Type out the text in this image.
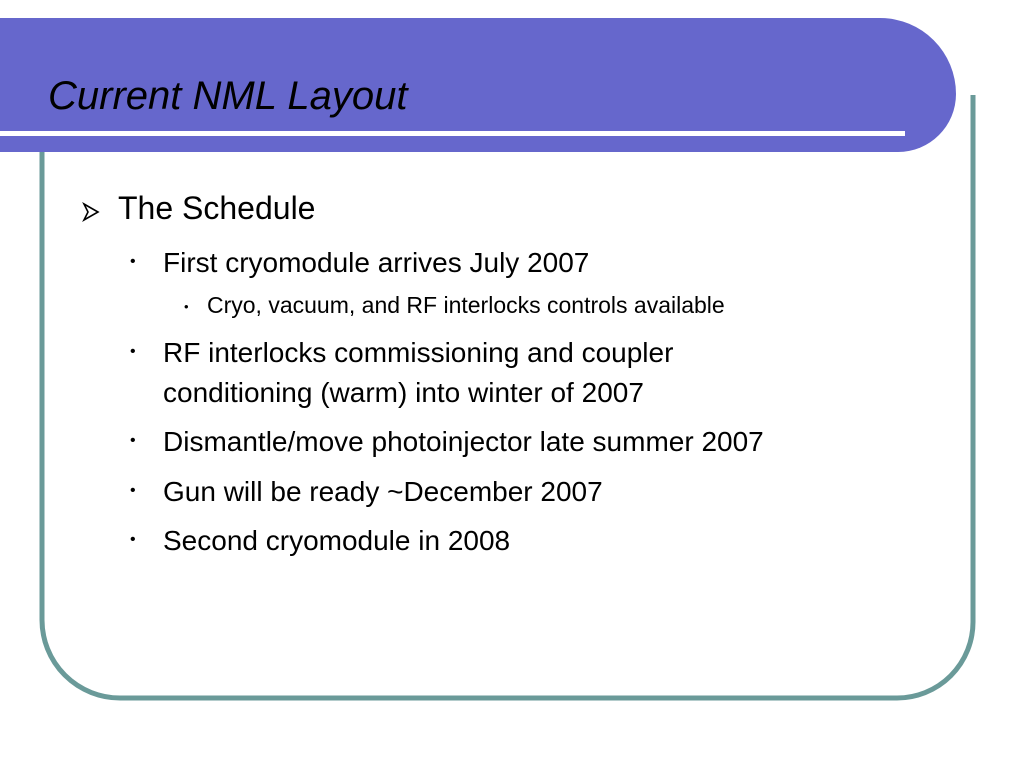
Current NML Layout
The Schedule
• First cryomodule arrives July 2007
• Cryo, vacuum, and RF interlocks controls available
• RF interlocks commissioning and coupler
conditioning (warm) into winter of 2007
• Dismantle/move photoinjector late summer 2007
• Gun will be ready ~December 2007
• Second cryomodule in 2008
